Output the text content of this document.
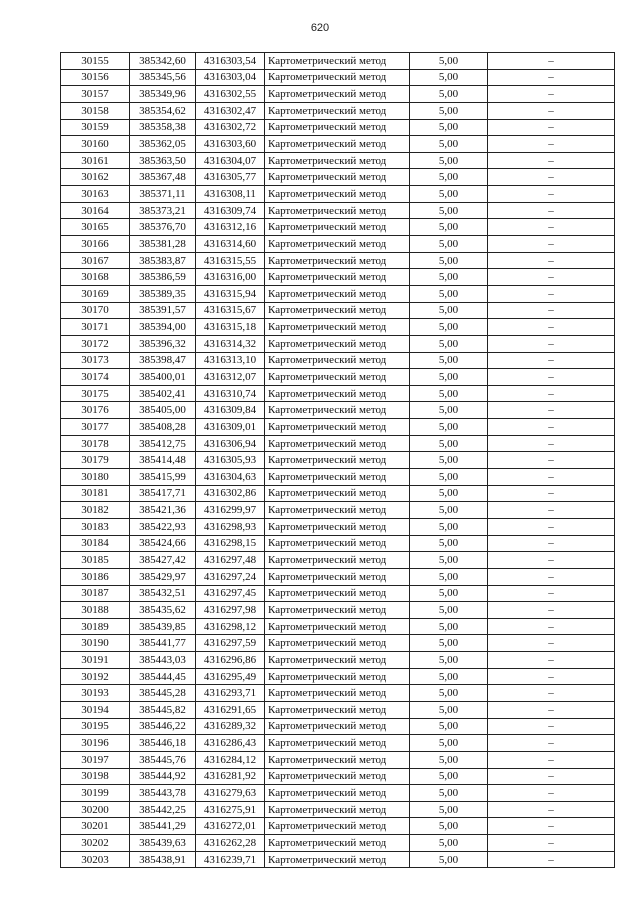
620
30155	385342,60	4316303,54	Картометрический метод	5,00	–
30156	385345,56	4316303,04	Картометрический метод	5,00	–
30157	385349,96	4316302,55	Картометрический метод	5,00	–
30158	385354,62	4316302,47	Картометрический метод	5,00	–
30159	385358,38	4316302,72	Картометрический метод	5,00	–
30160	385362,05	4316303,60	Картометрический метод	5,00	–
30161	385363,50	4316304,07	Картометрический метод	5,00	–
30162	385367,48	4316305,77	Картометрический метод	5,00	–
30163	385371,11	4316308,11	Картометрический метод	5,00	–
30164	385373,21	4316309,74	Картометрический метод	5,00	–
30165	385376,70	4316312,16	Картометрический метод	5,00	–
30166	385381,28	4316314,60	Картометрический метод	5,00	–
30167	385383,87	4316315,55	Картометрический метод	5,00	–
30168	385386,59	4316316,00	Картометрический метод	5,00	–
30169	385389,35	4316315,94	Картометрический метод	5,00	–
30170	385391,57	4316315,67	Картометрический метод	5,00	–
30171	385394,00	4316315,18	Картометрический метод	5,00	–
30172	385396,32	4316314,32	Картометрический метод	5,00	–
30173	385398,47	4316313,10	Картометрический метод	5,00	–
30174	385400,01	4316312,07	Картометрический метод	5,00	–
30175	385402,41	4316310,74	Картометрический метод	5,00	–
30176	385405,00	4316309,84	Картометрический метод	5,00	–
30177	385408,28	4316309,01	Картометрический метод	5,00	–
30178	385412,75	4316306,94	Картометрический метод	5,00	–
30179	385414,48	4316305,93	Картометрический метод	5,00	–
30180	385415,99	4316304,63	Картометрический метод	5,00	–
30181	385417,71	4316302,86	Картометрический метод	5,00	–
30182	385421,36	4316299,97	Картометрический метод	5,00	–
30183	385422,93	4316298,93	Картометрический метод	5,00	–
30184	385424,66	4316298,15	Картометрический метод	5,00	–
30185	385427,42	4316297,48	Картометрический метод	5,00	–
30186	385429,97	4316297,24	Картометрический метод	5,00	–
30187	385432,51	4316297,45	Картометрический метод	5,00	–
30188	385435,62	4316297,98	Картометрический метод	5,00	–
30189	385439,85	4316298,12	Картометрический метод	5,00	–
30190	385441,77	4316297,59	Картометрический метод	5,00	–
30191	385443,03	4316296,86	Картометрический метод	5,00	–
30192	385444,45	4316295,49	Картометрический метод	5,00	–
30193	385445,28	4316293,71	Картометрический метод	5,00	–
30194	385445,82	4316291,65	Картометрический метод	5,00	–
30195	385446,22	4316289,32	Картометрический метод	5,00	–
30196	385446,18	4316286,43	Картометрический метод	5,00	–
30197	385445,76	4316284,12	Картометрический метод	5,00	–
30198	385444,92	4316281,92	Картометрический метод	5,00	–
30199	385443,78	4316279,63	Картометрический метод	5,00	–
30200	385442,25	4316275,91	Картометрический метод	5,00	–
30201	385441,29	4316272,01	Картометрический метод	5,00	–
30202	385439,63	4316262,28	Картометрический метод	5,00	–
30203	385438,91	4316239,71	Картометрический метод	5,00	–
